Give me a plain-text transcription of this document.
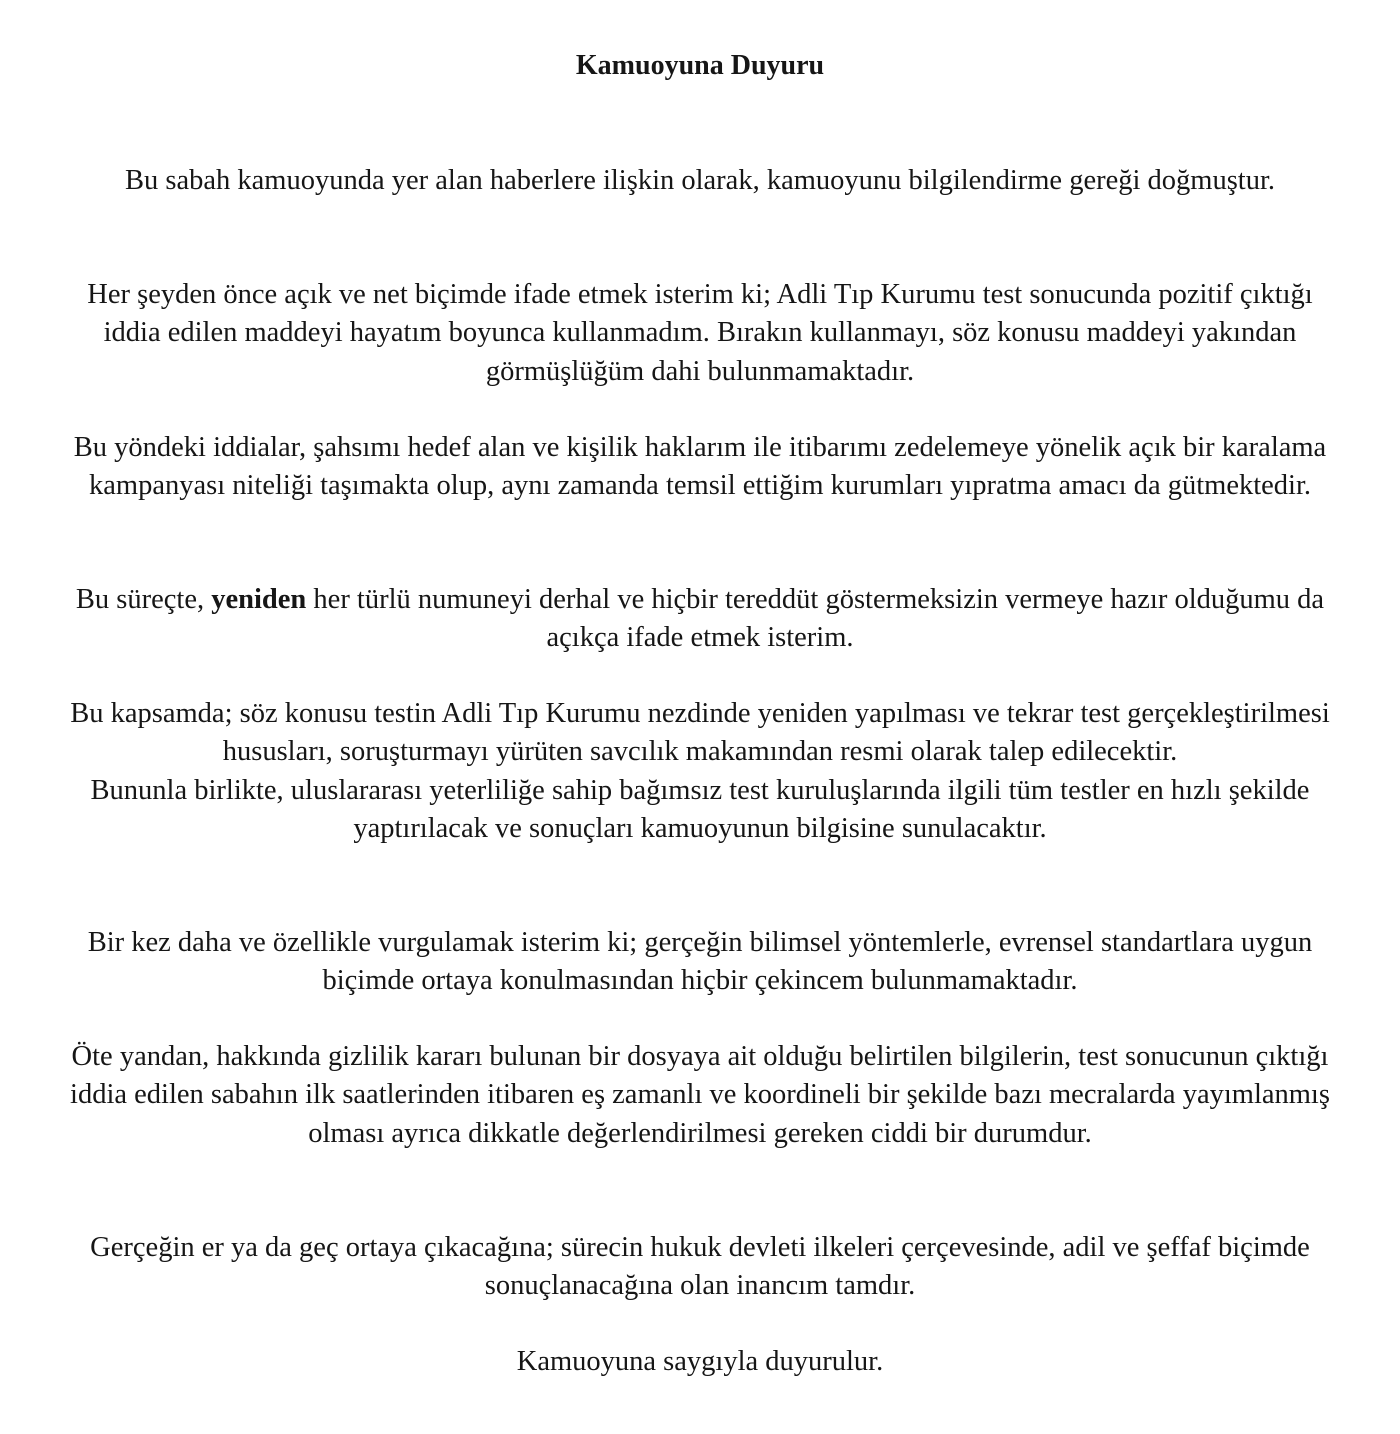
Kamuoyuna Duyuru

Bu sabah kamuoyunda yer alan haberlere ilişkin olarak, kamuoyunu bilgilendirme gereği doğmuştur.

Her şeyden önce açık ve net biçimde ifade etmek isterim ki; Adli Tıp Kurumu test sonucunda pozitif çıktığı iddia edilen maddeyi hayatım boyunca kullanmadım. Bırakın kullanmayı, söz konusu maddeyi yakından görmüşlüğüm dahi bulunmamaktadır.

Bu yöndeki iddialar, şahsımı hedef alan ve kişilik haklarım ile itibarımı zedelemeye yönelik açık bir karalama kampanyası niteliği taşımakta olup, aynı zamanda temsil ettiğim kurumları yıpratma amacı da gütmektedir.

Bu süreçte, yeniden her türlü numuneyi derhal ve hiçbir tereddüt göstermeksizin vermeye hazır olduğumu da açıkça ifade etmek isterim.

Bu kapsamda; söz konusu testin Adli Tıp Kurumu nezdinde yeniden yapılması ve tekrar test gerçekleştirilmesi hususları, soruşturmayı yürüten savcılık makamından resmi olarak talep edilecektir.
Bununla birlikte, uluslararası yeterliliğe sahip bağımsız test kuruluşlarında ilgili tüm testler en hızlı şekilde yaptırılacak ve sonuçları kamuoyunun bilgisine sunulacaktır.

Bir kez daha ve özellikle vurgulamak isterim ki; gerçeğin bilimsel yöntemlerle, evrensel standartlara uygun biçimde ortaya konulmasından hiçbir çekincem bulunmamaktadır.

Öte yandan, hakkında gizlilik kararı bulunan bir dosyaya ait olduğu belirtilen bilgilerin, test sonucunun çıktığı iddia edilen sabahın ilk saatlerinden itibaren eş zamanlı ve koordineli bir şekilde bazı mecralarda yayımlanmış olması ayrıca dikkatle değerlendirilmesi gereken ciddi bir durumdur.

Gerçeğin er ya da geç ortaya çıkacağına; sürecin hukuk devleti ilkeleri çerçevesinde, adil ve şeffaf biçimde sonuçlanacağına olan inancım tamdır.

Kamuoyuna saygıyla duyurulur.
